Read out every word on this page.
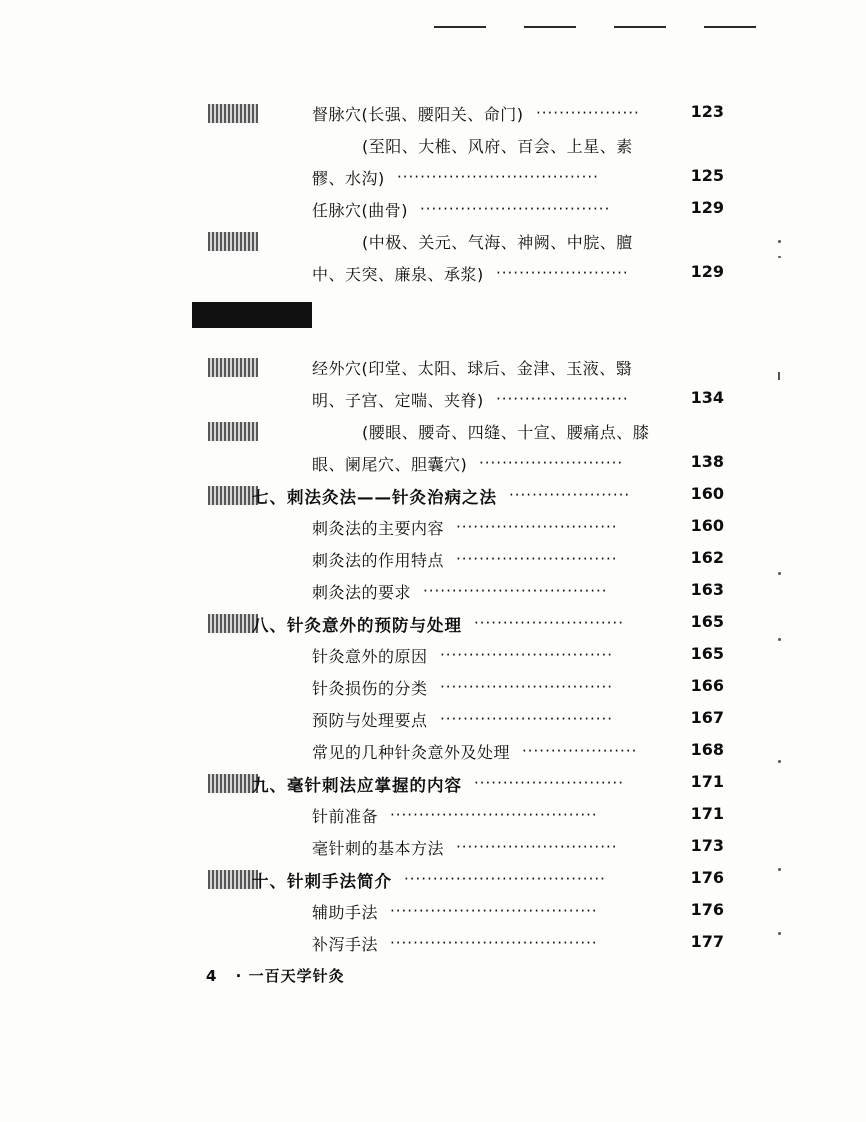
督脉穴(长强、腰阳关、命门) ··················	123
(至阳、大椎、风府、百会、上星、素
髎、水沟) ···································	125
任脉穴(曲骨) ·································	129
(中极、关元、气海、神阙、中脘、膻
中、天突、廉泉、承浆) ·······················	129
经外穴(印堂、太阳、球后、金津、玉液、翳
明、子宫、定喘、夹脊) ·······················	134
(腰眼、腰奇、四缝、十宣、腰痛点、膝
眼、阑尾穴、胆囊穴) ·························	138
七、刺法灸法——针灸治病之法 ·····················	160
刺灸法的主要内容 ····························	160
刺灸法的作用特点 ····························	162
刺灸法的要求 ································	163
八、针灸意外的预防与处理 ··························	165
针灸意外的原因 ······························	165
针灸损伤的分类 ······························	166
预防与处理要点 ······························	167
常见的几种针灸意外及处理 ····················	168
九、毫针刺法应掌握的内容 ··························	171
针前准备 ····································	171
毫针刺的基本方法 ····························	173
十、针刺手法简介 ···································	176
辅助手法 ····································	176
补泻手法 ····································	177
4 · 一百天学针灸
